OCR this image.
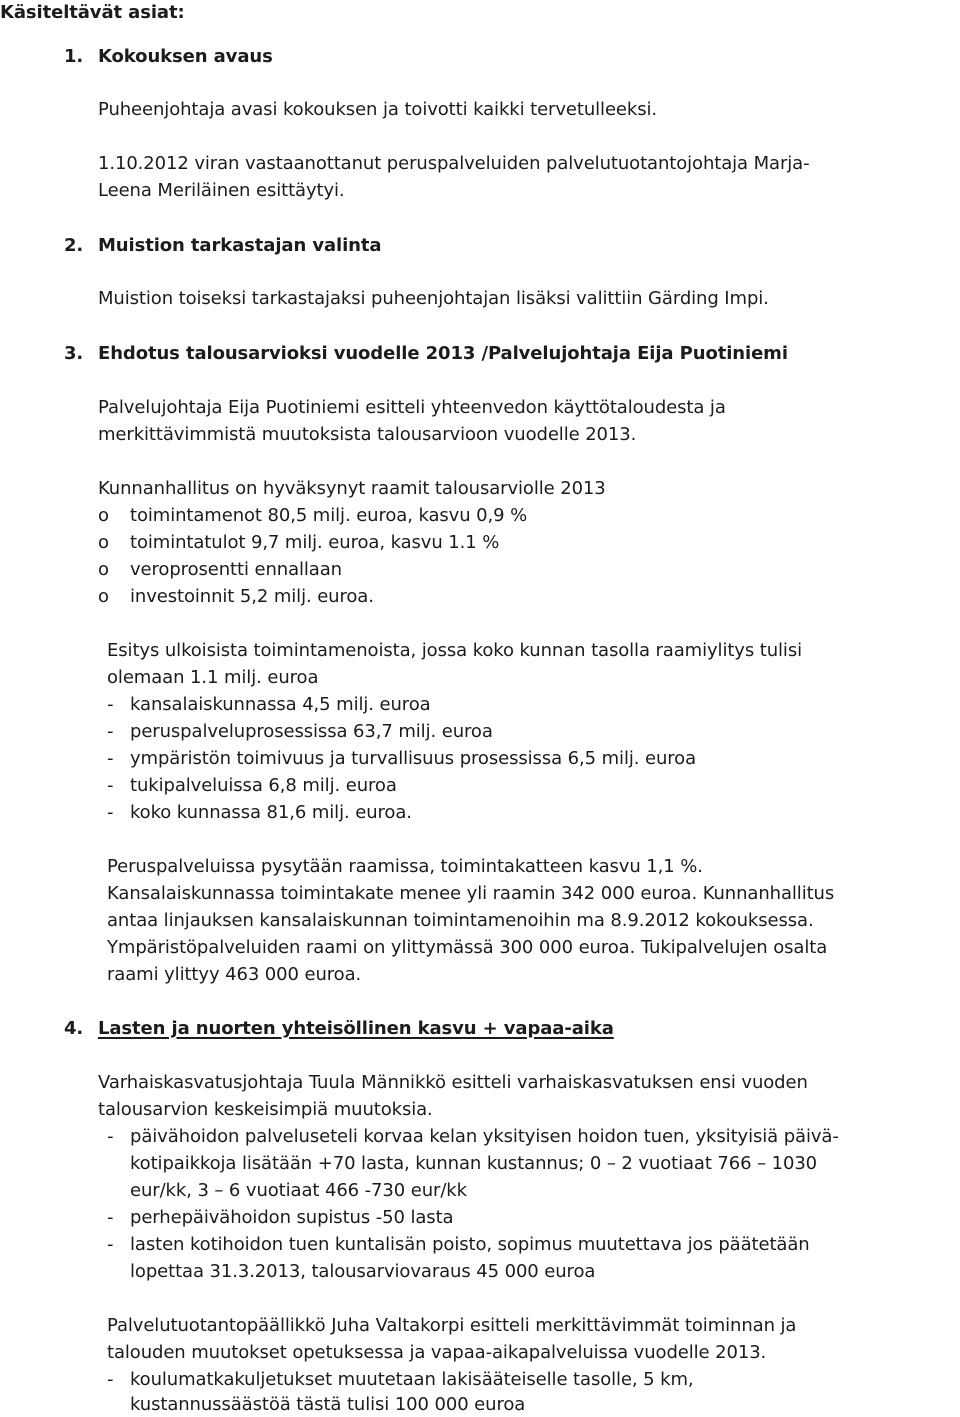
Käsiteltävät asiat:
1. Kokouksen avaus
Puheenjohtaja avasi kokouksen ja toivotti kaikki tervetulleeksi.
1.10.2012 viran vastaanottanut peruspalveluiden palvelutuotantojohtaja Marja-
Leena Meriläinen esittäytyi.
2. Muistion tarkastajan valinta
Muistion toiseksi tarkastajaksi puheenjohtajan lisäksi valittiin Gärding Impi.
3. Ehdotus talousarvioksi vuodelle 2013 /Palvelujohtaja Eija Puotiniemi
Palvelujohtaja Eija Puotiniemi esitteli yhteenvedon käyttötaloudesta ja
merkittävimmistä muutoksista talousarvioon vuodelle 2013.
Kunnanhallitus on hyväksynyt raamit talousarviolle 2013
o toimintamenot 80,5 milj. euroa, kasvu 0,9 %
o toimintatulot 9,7 milj. euroa, kasvu 1.1 %
o veroprosentti ennallaan
o investoinnit 5,2 milj. euroa.
Esitys ulkoisista toimintamenoista, jossa koko kunnan tasolla raamiylitys tulisi
olemaan 1.1 milj. euroa
- kansalaiskunnassa 4,5 milj. euroa
- peruspalveluprosessissa 63,7 milj. euroa
- ympäristön toimivuus ja turvallisuus prosessissa 6,5 milj. euroa
- tukipalveluissa 6,8 milj. euroa
- koko kunnassa 81,6 milj. euroa.
Peruspalveluissa pysytään raamissa, toimintakatteen kasvu 1,1 %.
Kansalaiskunnassa toimintakate menee yli raamin 342 000 euroa. Kunnanhallitus
antaa linjauksen kansalaiskunnan toimintamenoihin ma 8.9.2012 kokouksessa.
Ympäristöpalveluiden raami on ylittymässä 300 000 euroa. Tukipalvelujen osalta
raami ylittyy 463 000 euroa.
4. Lasten ja nuorten yhteisöllinen kasvu + vapaa-aika
Varhaiskasvatusjohtaja Tuula Männikkö esitteli varhaiskasvatuksen ensi vuoden
talousarvion keskeisimpiä muutoksia.
- päivähoidon palveluseteli korvaa kelan yksityisen hoidon tuen, yksityisiä päivä-
kotipaikkoja lisätään +70 lasta, kunnan kustannus; 0 – 2 vuotiaat 766 – 1030
eur/kk, 3 – 6 vuotiaat 466 -730 eur/kk
- perhepäivähoidon supistus -50 lasta
- lasten kotihoidon tuen kuntalisän poisto, sopimus muutettava jos päätetään
lopettaa 31.3.2013, talousarviovaraus 45 000 euroa
Palvelutuotantopäällikkö Juha Valtakorpi esitteli merkittävimmät toiminnan ja
talouden muutokset opetuksessa ja vapaa-aikapalveluissa vuodelle 2013.
- koulumatkakuljetukset muutetaan lakisääteiselle tasolle, 5 km,
kustannussäästöä tästä tulisi 100 000 euroa
